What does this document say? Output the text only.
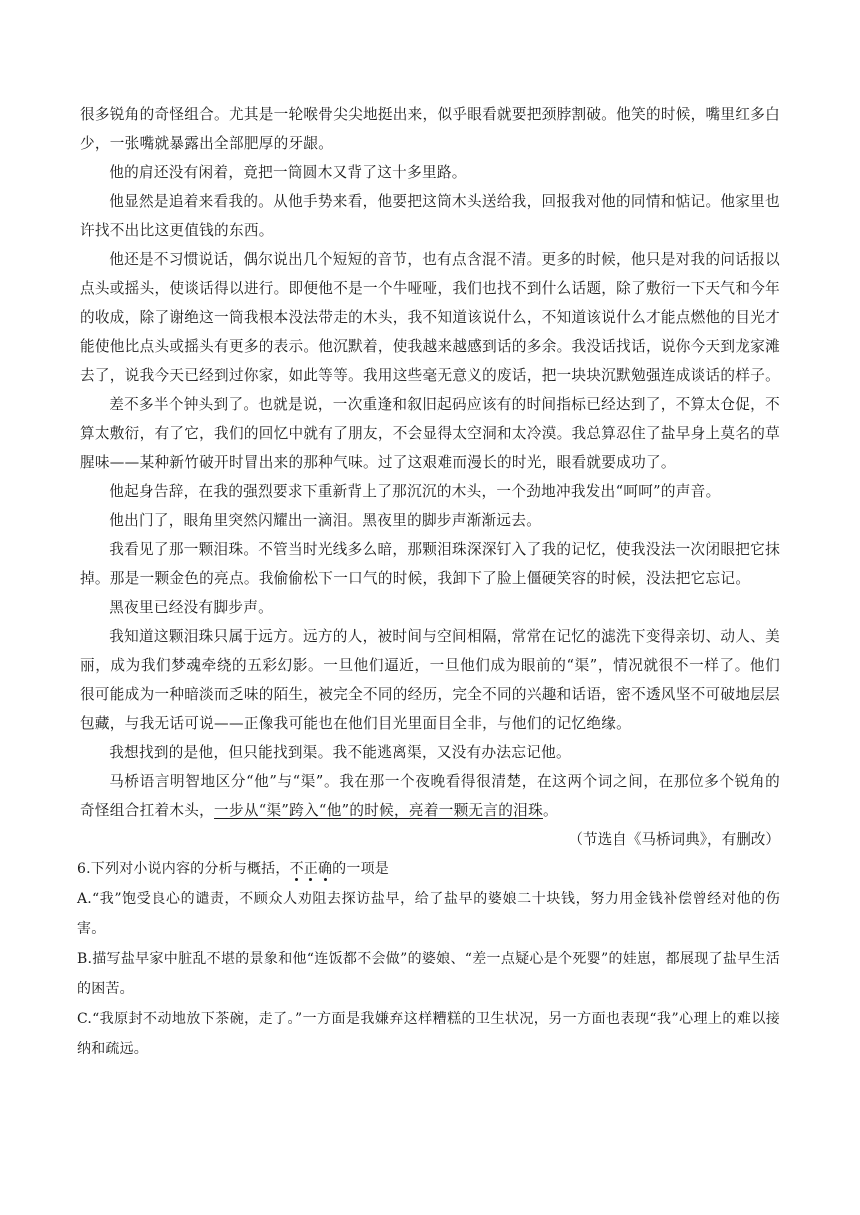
很多锐角的奇怪组合。尤其是一轮喉骨尖尖地挺出来，似乎眼看就要把颈脖割破。他笑的时候，嘴里红多白少，一张嘴就暴露出全部肥厚的牙龈。

他的肩还没有闲着，竟把一筒圆木又背了这十多里路。

他显然是追着来看我的。从他手势来看，他要把这筒木头送给我，回报我对他的同情和惦记。他家里也许找不出比这更值钱的东西。

他还是不习惯说话，偶尔说出几个短短的音节，也有点含混不清。更多的时候，他只是对我的问话报以点头或摇头，使谈话得以进行。即便他不是一个牛哑哑，我们也找不到什么话题，除了敷衍一下天气和今年的收成，除了谢绝这一筒我根本没法带走的木头，我不知道该说什么，不知道该说什么才能点燃他的目光才能使他比点头或摇头有更多的表示。他沉默着，使我越来越感到话的多余。我没话找话，说你今天到龙家滩去了，说我今天已经到过你家，如此等等。我用这些毫无意义的废话，把一块块沉默勉强连成谈话的样子。

差不多半个钟头到了。也就是说，一次重逢和叙旧起码应该有的时间指标已经达到了，不算太仓促，不算太敷衍，有了它，我们的回忆中就有了朋友，不会显得太空洞和太冷漠。我总算忍住了盐早身上莫名的草腥味——某种新竹破开时冒出来的那种气味。过了这艰难而漫长的时光，眼看就要成功了。

他起身告辞，在我的强烈要求下重新背上了那沉沉的木头，一个劲地冲我发出“呵呵”的声音。

他出门了，眼角里突然闪耀出一滴泪。黑夜里的脚步声渐渐远去。

我看见了那一颗泪珠。不管当时光线多么暗，那颗泪珠深深钉入了我的记忆，使我没法一次闭眼把它抹掉。那是一颗金色的亮点。我偷偷松下一口气的时候，我卸下了脸上僵硬笑容的时候，没法把它忘记。

黑夜里已经没有脚步声。

我知道这颗泪珠只属于远方。远方的人，被时间与空间相隔，常常在记忆的滤洗下变得亲切、动人、美丽，成为我们梦魂牵绕的五彩幻影。一旦他们逼近，一旦他们成为眼前的“渠”，情况就很不一样了。他们很可能成为一种暗淡而乏味的陌生，被完全不同的经历，完全不同的兴趣和话语，密不透风坚不可破地层层包藏，与我无话可说——正像我可能也在他们目光里面目全非，与他们的记忆绝缘。

我想找到的是他，但只能找到渠。我不能逃离渠，又没有办法忘记他。

马桥语言明智地区分“他”与“渠”。我在那一个夜晚看得很清楚，在这两个词之间，在那位多个锐角的奇怪组合扛着木头，一步从“渠”跨入“他”的时候，亮着一颗无言的泪珠。

（节选自《马桥词典》，有删改）

6.下列对小说内容的分析与概括，不正确的一项是

A.“我”饱受良心的谴责，不顾众人劝阻去探访盐早，给了盐早的婆娘二十块钱，努力用金钱补偿曾经对他的伤害。

B.描写盐早家中脏乱不堪的景象和他“连饭都不会做”的婆娘、“差一点疑心是个死婴”的娃崽，都展现了盐早生活的困苦。

C.“我原封不动地放下茶碗，走了。”一方面是我嫌弃这样糟糕的卫生状况，另一方面也表现“我”心理上的难以接纳和疏远。
